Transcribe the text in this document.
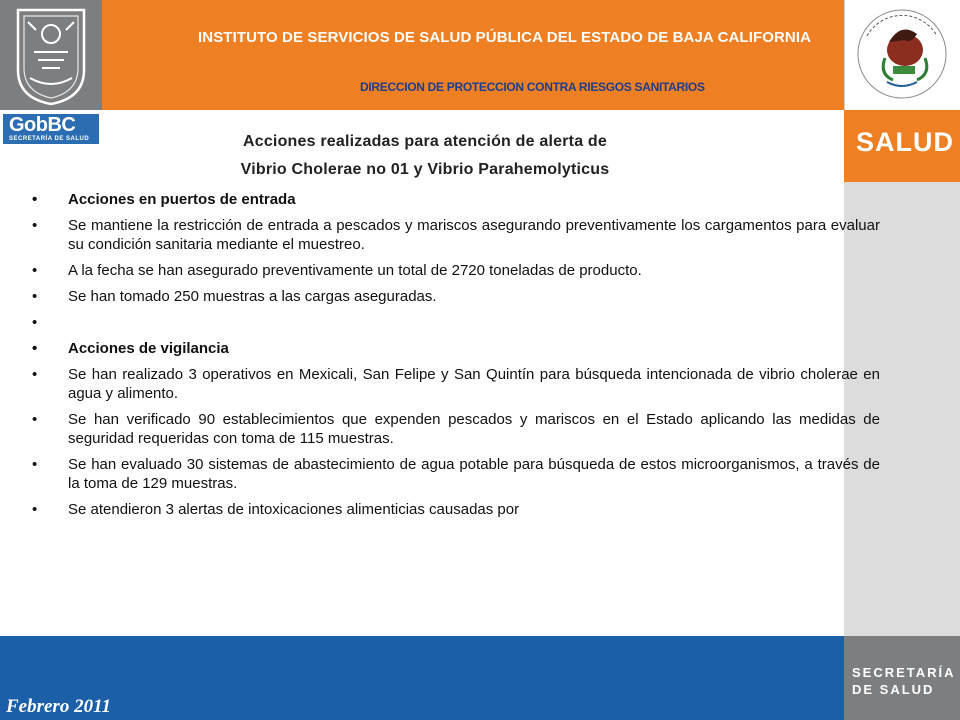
GobBC
SECRETARÍA DE SALUD
INSTITUTO DE SERVICIOS DE SALUD PÚBLICA DEL ESTADO DE BAJA CALIFORNIA
DIRECCION DE PROTECCION CONTRA RIESGOS SANITARIOS
SALUD
SECRETARÍA
DE SALUD
Febrero 2011
Acciones realizadas para atención de alerta de
Vibrio Cholerae no 01 y Vibrio Parahemolyticus
• Acciones en puertos de entrada
• Se mantiene la restricción de entrada a pescados y mariscos asegurando preventivamente los cargamentos para evaluar su condición sanitaria mediante el muestreo.
• A la fecha se han asegurado preventivamente un total de 2720 toneladas de producto.
• Se han tomado 250 muestras a las cargas aseguradas.
•
• Acciones de vigilancia
• Se han realizado 3 operativos en Mexicali, San Felipe y San Quintín para búsqueda intencionada de vibrio cholerae en agua y alimento.
• Se han verificado 90 establecimientos que expenden pescados y mariscos en el Estado aplicando las medidas de seguridad requeridas con toma de 115 muestras.
• Se han evaluado 30 sistemas de abastecimiento de agua potable para búsqueda de estos microorganismos, a través de la toma de 129 muestras.
• Se atendieron 3 alertas de intoxicaciones alimenticias causadas por
